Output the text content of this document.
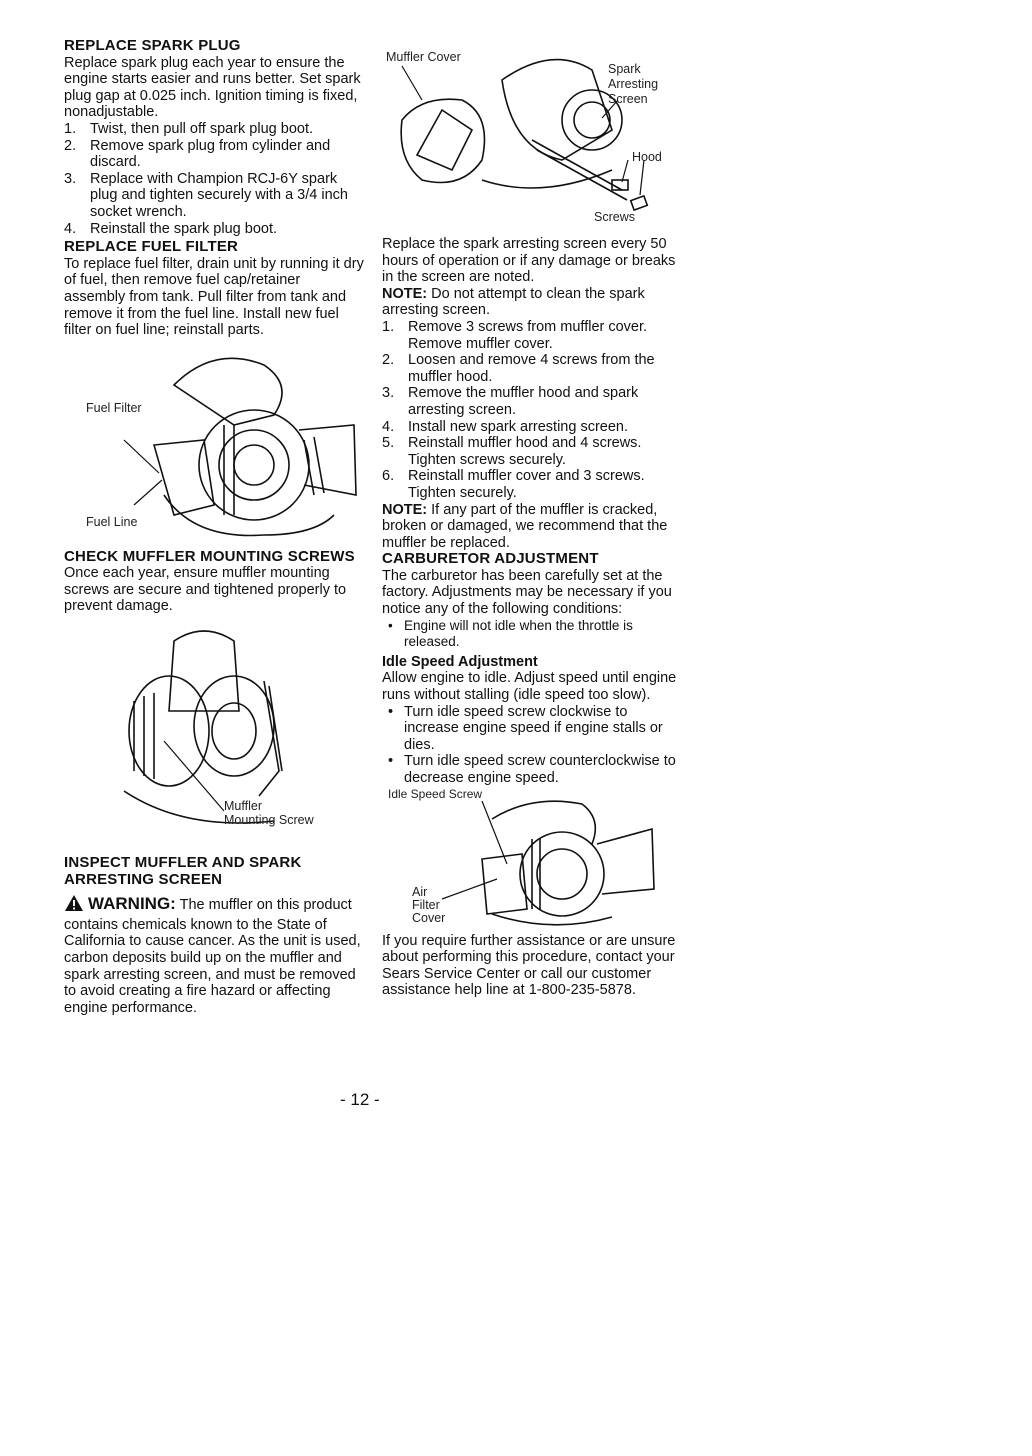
REPLACE SPARK PLUG

Replace spark plug each year to ensure the engine starts easier and runs better. Set spark plug gap at 0.025 inch. Ignition timing is fixed, nonadjustable.

1. Twist, then pull off spark plug boot.
2. Remove spark plug from cylinder and discard.
3. Replace with Champion RCJ-6Y spark plug and tighten securely with a 3/4 inch socket wrench.
4. Reinstall the spark plug boot.
REPLACE FUEL FILTER

To replace fuel filter, drain unit by running it dry of fuel, then remove fuel cap/retainer assembly from tank. Pull filter from tank and remove it from the fuel line. Install new fuel filter on fuel line; reinstall parts.

Fuel Filter
Fuel Line
CHECK MUFFLER MOUNTING SCREWS

Once each year, ensure muffler mounting screws are secure and tightened properly to prevent damage.

Muffler
Mounting Screw
INSPECT MUFFLER AND SPARK ARRESTING SCREEN

WARNING: The muffler on this product contains chemicals known to the State of California to cause cancer. As the unit is used, carbon deposits build up on the muffler and spark arresting screen, and must be removed to avoid creating a fire hazard or affecting engine performance.

Muffler Cover
Spark
Arresting
Screen
Hood
Screws

Replace the spark arresting screen every 50 hours of operation or if any damage or breaks in the screen are noted.

NOTE: Do not attempt to clean the spark arresting screen.

1. Remove 3 screws from muffler cover. Remove muffler cover.
2. Loosen and remove 4 screws from the muffler hood.
3. Remove the muffler hood and spark arresting screen.
4. Install new spark arresting screen.
5. Reinstall muffler hood and 4 screws. Tighten screws securely.
6. Reinstall muffler cover and 3 screws. Tighten securely.

NOTE: If any part of the muffler is cracked, broken or damaged, we recommend that the muffler be replaced.

CARBURETOR ADJUSTMENT

The carburetor has been carefully set at the factory. Adjustments may be necessary if you notice any of the following conditions:

• Engine will not idle when the throttle is released.
Idle Speed Adjustment

Allow engine to idle. Adjust speed until engine runs without stalling (idle speed too slow).

• Turn idle speed screw clockwise to increase engine speed if engine stalls or dies.
• Turn idle speed screw counterclockwise to decrease engine speed.
Idle Speed Screw
Air
Filter
Cover

If you require further assistance or are unsure about performing this procedure, contact your Sears Service Center or call our customer assistance help line at 1-800-235-5878.

- 12 -
